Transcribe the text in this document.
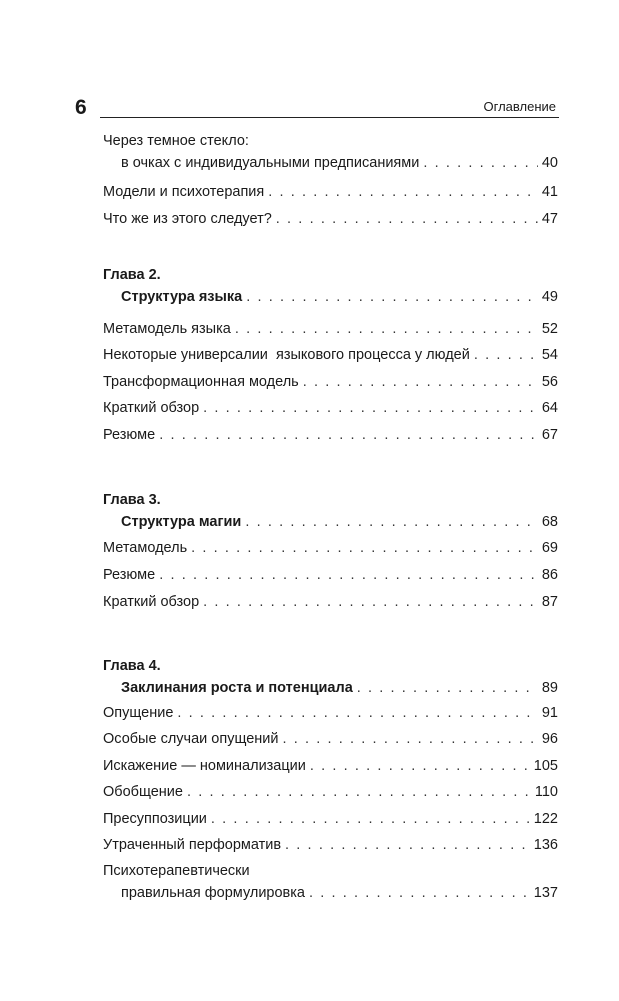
6	Оглавление
Через темное стекло:
в очках с индивидуальными предписаниями . . .	40
Модели и психотерапия . . .	41
Что же из этого следует? . . .	47
Глава 2.
Структура языка . . .	49
Метамодель языка . . .	52
Некоторые универсалии  языкового процесса у людей . . .	54
Трансформационная модель . . .	56
Краткий обзор . . .	64
Резюме . . .	67
Глава 3.
Структура магии . . .	68
Метамодель . . .	69
Резюме . . .	86
Краткий обзор . . .	87
Глава 4.
Заклинания роста и потенциала . . .	89
Опущение . . .	91
Особые случаи опущений . . .	96
Искажение — номинализации . . .	105
Обобщение . . .	110
Пресуппозиции . . .	122
Утраченный перформатив . . .	136
Психотерапевтически
правильная формулировка . . .	137
